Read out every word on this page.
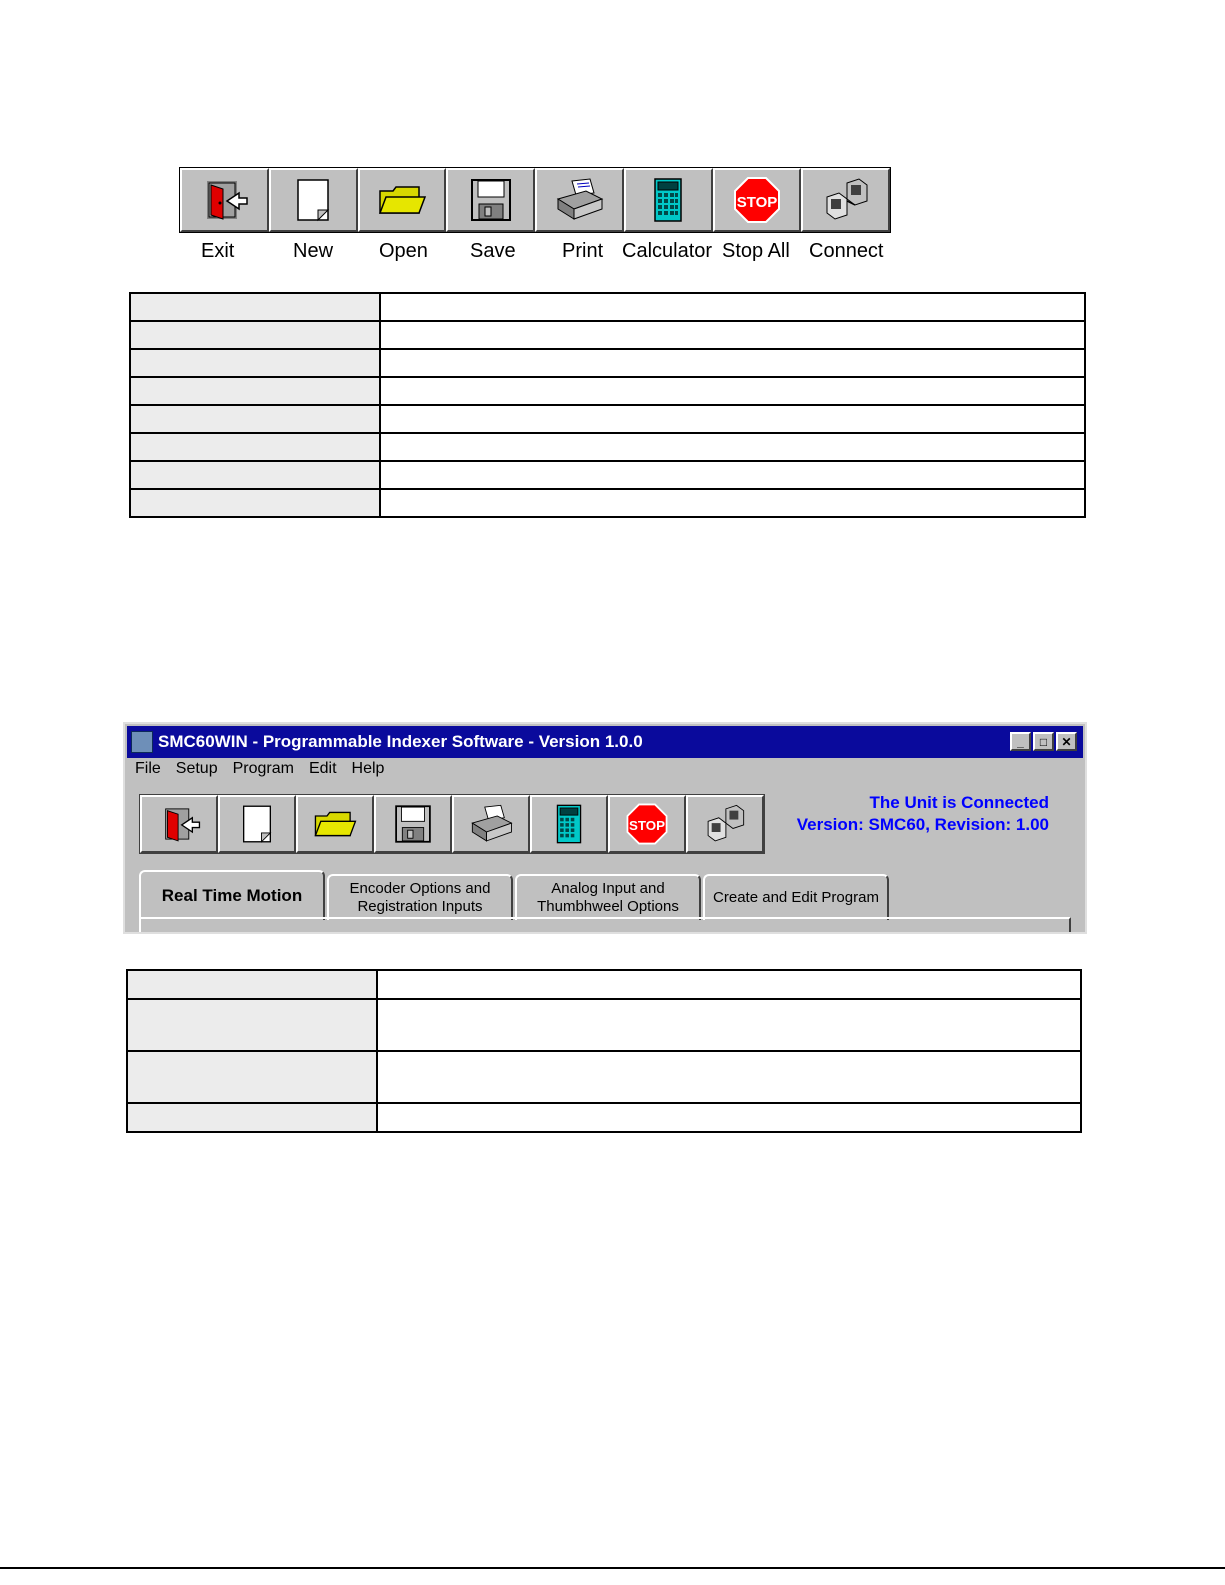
STOP
Exit	New Open Save Print Calculator Stop All Connect

SMC60WIN - Programmable Indexer Software - Version 1.0.0	_	□	✕
File Setup Program Edit Help
STOP
The Unit is Connected
Version: SMC60, Revision: 1.00
Real Time Motion	Encoder Options and
Registration Inputs
Analog Input and
Thumbhweel Options
Create and Edit Program
